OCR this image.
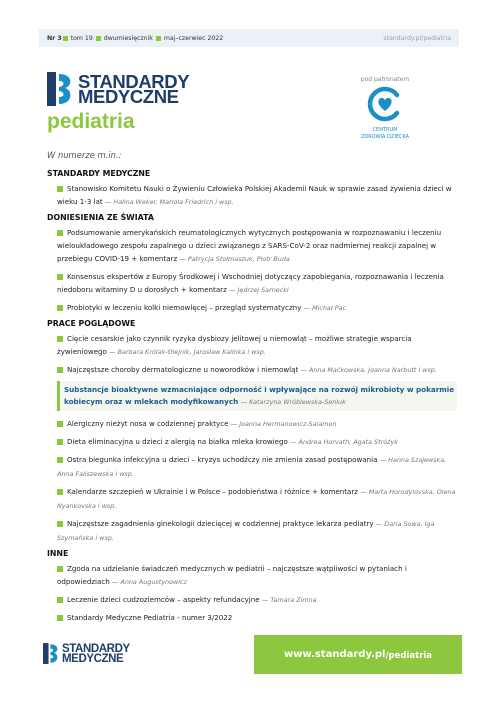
Nr 3 tom 19 dwumiesięcznik maj–czerwiec 2022	standardy.pl/pediatria
STANDARDY
MEDYCZNE
pediatria
pod patronatem
CENTRUM
ZDROWIA DZIECKA
W numerze m.in.:
STANDARDY MEDYCZNE
Stanowisko Komitetu Nauki o Żywieniu Człowieka Polskiej Akademii Nauk w sprawie zasad żywienia dzieci w wieku 1-3 lat — Halina Weker, Mariola Friedrich i wsp.
DONIESIENIA ZE ŚWIATA
Podsumowanie amerykańskich reumatologicznych wytycznych postępowania w rozpoznawaniu i leczeniu wieloukładowego zespołu zapalnego u dzieci związanego z SARS-CoV-2 oraz nadmiernej reakcji zapalnej w przebiegu COVID-19 + komentarz — Patrycja Stolmaszuk, Piotr Buda
Konsensus ekspertów z Europy Środkowej i Wschodniej dotyczący zapobiegania, rozpoznawania i leczenia niedoboru witaminy D u dorosłych + komentarz — Jędrzej Sarnecki
Probiotyki w leczeniu kolki niemowlęcej – przegląd systematyczny — Michał Pac
PRACE POGLĄDOWE
Cięcie cesarskie jako czynnik ryzyka dysbiozy jelitowej u niemowląt – możliwe strategie wsparcia żywieniowego — Barbara Królak-Olejnik, Jarosław Kalinka i wsp.
Najczęstsze choroby dermatologiczne u noworodków i niemowląt — Anna Maćkowska, Joanna Narbutt i wsp.
Substancje bioaktywne wzmacniające odporność i wpływające na rozwój mikrobioty w pokarmie kobiecym oraz w mlekach modyfikowanych — Katarzyna Wróblewska-Seniuk
Alergiczny nieżyt nosa w codziennej praktyce — Joanna Hermanowicz-Salamon
Dieta eliminacyjna u dzieci z alergią na białka mleka krowiego — Andrea Horvath, Agata Stróżyk
Ostra biegunka infekcyjna u dzieci – kryzys uchodźczy nie zmienia zasad postępowania — Hanna Szajewska, Anna Faliszewska i wsp.
Kalendarze szczepień w Ukrainie i w Polsce – podobieństwa i różnice + komentarz — Marta Horodylovska, Olena Nyankovska i wsp.
Najczęstsze zagadnienia ginekologii dziecięcej w codziennej praktyce lekarza pediatry — Daria Sowa, Iga Szymańska i wsp.
INNE
Zgoda na udzielanie świadczeń medycznych w pediatrii – najczęstsze wątpliwości w pytaniach i odpowiedziach — Anna Augustynowicz
Leczenie dzieci cudzoziemców – aspekty refundacyjne — Tamara Zimna
Standardy Medyczne Pediatria - numer 3/2022
STANDARDY
MEDYCZNE	www.standardy.pl /pediatria
